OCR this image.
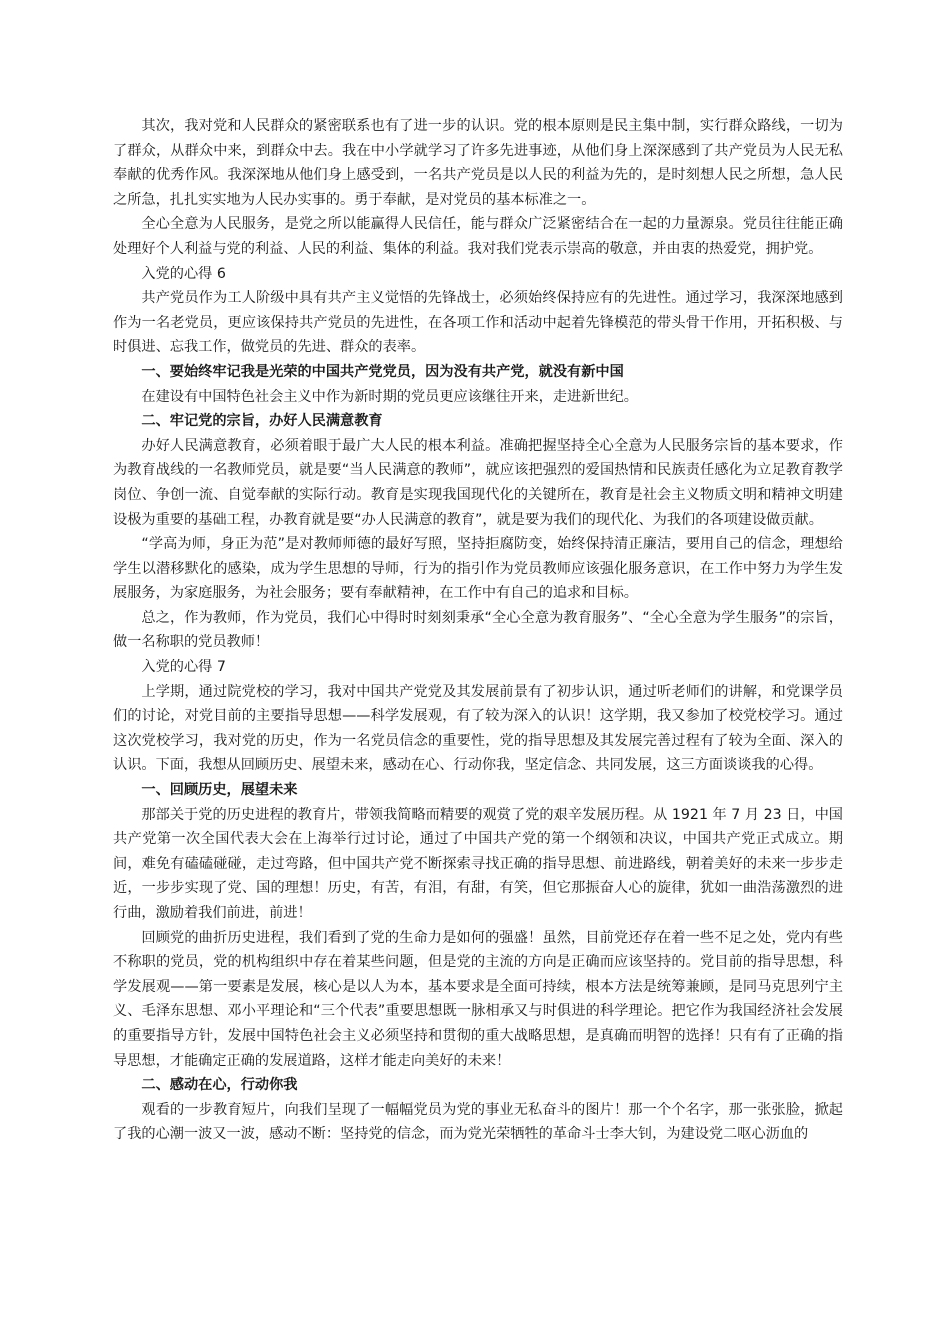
其次，我对党和人民群众的紧密联系也有了进一步的认识。党的根本原则是民主集中制，实行群众路线，一切为了群众，从群众中来，到群众中去。我在中小学就学习了许多先进事迹，从他们身上深深感到了共产党员为人民无私奉献的优秀作风。我深深地从他们身上感受到，一名共产党员是以人民的利益为先的，是时刻想人民之所想，急人民之所急，扎扎实实地为人民办实事的。勇于奉献，是对党员的基本标准之一。

全心全意为人民服务，是党之所以能赢得人民信任，能与群众广泛紧密结合在一起的力量源泉。党员往往能正确处理好个人利益与党的利益、人民的利益、集体的利益。我对我们党表示崇高的敬意，并由衷的热爱党，拥护党。

入党的心得 6

共产党员作为工人阶级中具有共产主义觉悟的先锋战士，必须始终保持应有的先进性。通过学习，我深深地感到作为一名老党员，更应该保持共产党员的先进性，在各项工作和活动中起着先锋模范的带头骨干作用，开拓积极、与时俱进、忘我工作，做党员的先进、群众的表率。

一、要始终牢记我是光荣的中国共产党党员，因为没有共产党，就没有新中国

在建设有中国特色社会主义中作为新时期的党员更应该继往开来，走进新世纪。

二、牢记党的宗旨，办好人民满意教育

办好人民满意教育，必须着眼于最广大人民的根本利益。准确把握坚持全心全意为人民服务宗旨的基本要求，作为教育战线的一名教师党员，就是要“当人民满意的教师”，就应该把强烈的爱国热情和民族责任感化为立足教育教学岗位、争创一流、自觉奉献的实际行动。教育是实现我国现代化的关键所在，教育是社会主义物质文明和精神文明建设极为重要的基础工程，办教育就是要“办人民满意的教育”，就是要为我们的现代化、为我们的各项建设做贡献。

“学高为师，身正为范”是对教师师德的最好写照，坚持拒腐防变，始终保持清正廉洁，要用自己的信念，理想给学生以潜移默化的感染，成为学生思想的导师，行为的指引作为党员教师应该强化服务意识，在工作中努力为学生发展服务，为家庭服务，为社会服务；要有奉献精神，在工作中有自己的追求和目标。

总之，作为教师，作为党员，我们心中得时时刻刻秉承“全心全意为教育服务”、“全心全意为学生服务”的宗旨，做一名称职的党员教师！

入党的心得 7

上学期，通过院党校的学习，我对中国共产党党及其发展前景有了初步认识，通过听老师们的讲解，和党课学员们的讨论，对党目前的主要指导思想——科学发展观，有了较为深入的认识！这学期，我又参加了校党校学习。通过这次党校学习，我对党的历史，作为一名党员信念的重要性，党的指导思想及其发展完善过程有了较为全面、深入的认识。下面，我想从回顾历史、展望未来，感动在心、行动你我，坚定信念、共同发展，这三方面谈谈我的心得。

一、回顾历史，展望未来

那部关于党的历史进程的教育片，带领我简略而精要的观赏了党的艰辛发展历程。从 1921 年 7 月 23 日，中国共产党第一次全国代表大会在上海举行过讨论，通过了中国共产党的第一个纲领和决议，中国共产党正式成立。期间，难免有磕磕碰碰，走过弯路，但中国共产党不断探索寻找正确的指导思想、前进路线，朝着美好的未来一步步走近，一步步实现了党、国的理想！历史，有苦，有泪，有甜，有笑，但它那振奋人心的旋律，犹如一曲浩荡激烈的进行曲，激励着我们前进，前进！

回顾党的曲折历史进程，我们看到了党的生命力是如何的强盛！虽然，目前党还存在着一些不足之处，党内有些不称职的党员，党的机构组织中存在着某些问题，但是党的主流的方向是正确而应该坚持的。党目前的指导思想，科学发展观——第一要素是发展，核心是以人为本，基本要求是全面可持续，根本方法是统筹兼顾，是同马克思列宁主义、毛泽东思想、邓小平理论和“三个代表”重要思想既一脉相承又与时俱进的科学理论。把它作为我国经济社会发展的重要指导方针，发展中国特色社会主义必须坚持和贯彻的重大战略思想，是真确而明智的选择！只有有了正确的指导思想，才能确定正确的发展道路，这样才能走向美好的未来！

二、感动在心，行动你我

观看的一步教育短片，向我们呈现了一幅幅党员为党的事业无私奋斗的图片！那一个个名字，那一张张脸，掀起了我的心潮一波又一波，感动不断：坚持党的信念，而为党光荣牺牲的革命斗士李大钊，为建设党二呕心沥血的
